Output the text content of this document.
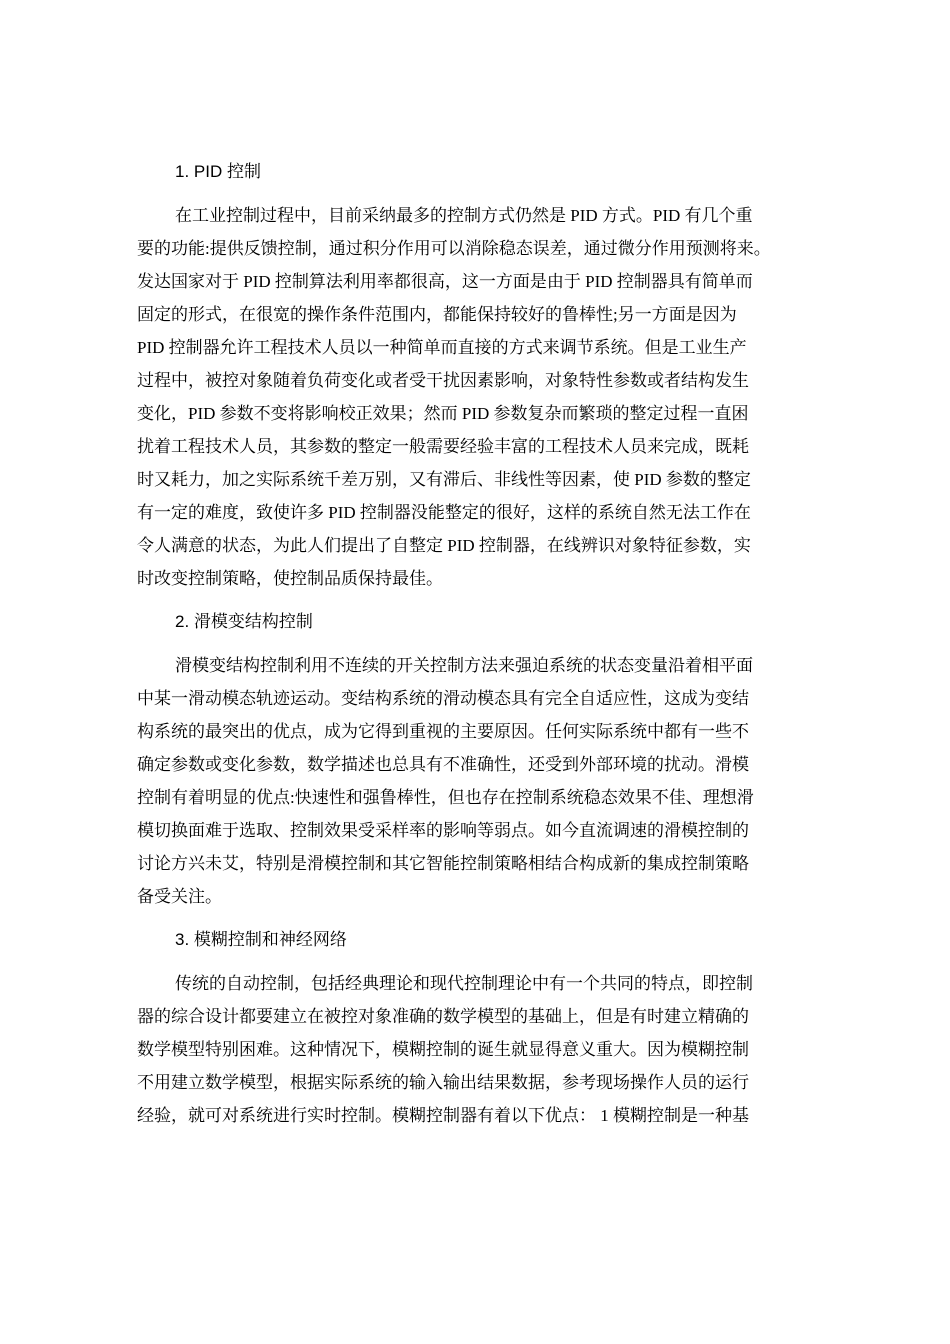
1. PID 控制
在工业控制过程中，目前采纳最多的控制方式仍然是 PID 方式。PID 有几个重
要的功能:提供反馈控制，通过积分作用可以消除稳态误差，通过微分作用预测将来。
发达国家对于 PID 控制算法利用率都很高，这一方面是由于 PID 控制器具有简单而
固定的形式，在很宽的操作条件范围内，都能保持较好的鲁棒性;另一方面是因为
PID 控制器允许工程技术人员以一种简单而直接的方式来调节系统。但是工业生产
过程中，被控对象随着负荷变化或者受干扰因素影响，对象特性参数或者结构发生
变化，PID 参数不变将影响校正效果；然而 PID 参数复杂而繁琐的整定过程一直困
扰着工程技术人员，其参数的整定一般需要经验丰富的工程技术人员来完成，既耗
时又耗力，加之实际系统千差万别，又有滞后、非线性等因素，使 PID 参数的整定
有一定的难度，致使许多 PID 控制器没能整定的很好，这样的系统自然无法工作在
令人满意的状态，为此人们提出了自整定 PID 控制器，在线辨识对象特征参数，实
时改变控制策略，使控制品质保持最佳。
2. 滑模变结构控制
滑模变结构控制利用不连续的开关控制方法来强迫系统的状态变量沿着相平面
中某一滑动模态轨迹运动。变结构系统的滑动模态具有完全自适应性，这成为变结
构系统的最突出的优点，成为它得到重视的主要原因。任何实际系统中都有一些不
确定参数或变化参数，数学描述也总具有不准确性，还受到外部环境的扰动。滑模
控制有着明显的优点:快速性和强鲁棒性，但也存在控制系统稳态效果不佳、理想滑
模切换面难于选取、控制效果受采样率的影响等弱点。如今直流调速的滑模控制的
讨论方兴未艾，特别是滑模控制和其它智能控制策略相结合构成新的集成控制策略
备受关注。
3. 模糊控制和神经网络
传统的自动控制，包括经典理论和现代控制理论中有一个共同的特点，即控制
器的综合设计都要建立在被控对象准确的数学模型的基础上，但是有时建立精确的
数学模型特别困难。这种情况下，模糊控制的诞生就显得意义重大。因为模糊控制
不用建立数学模型，根据实际系统的输入输出结果数据，参考现场操作人员的运行
经验，就可对系统进行实时控制。模糊控制器有着以下优点： 1 模糊控制是一种基
